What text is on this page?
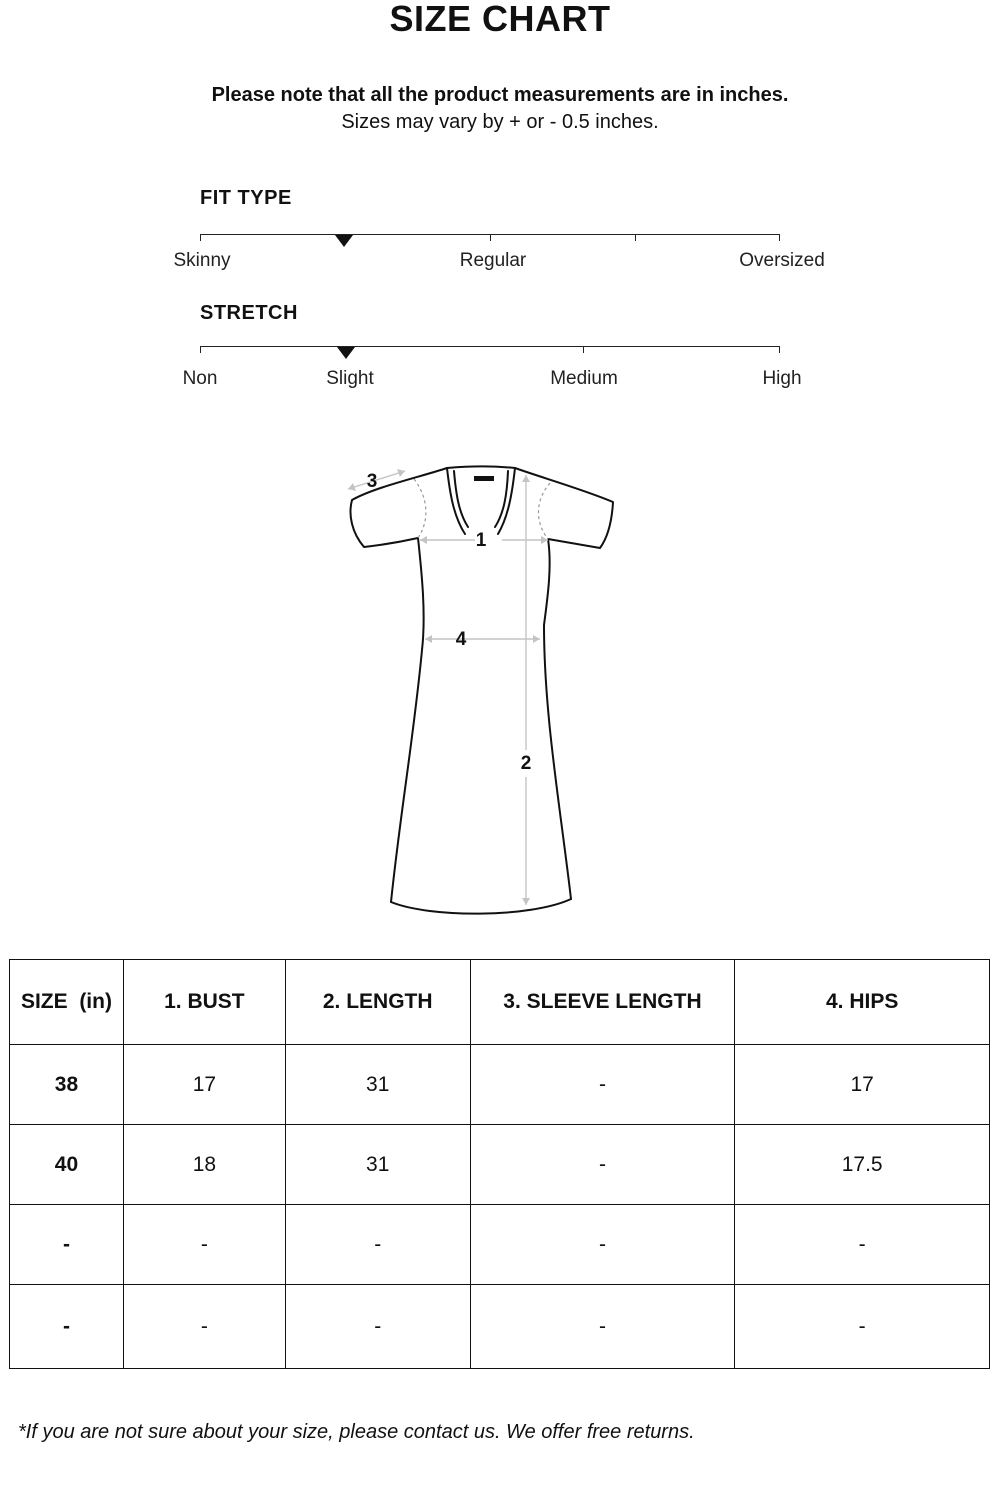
SIZE CHART
Please note that all the product measurements are in inches.
Sizes may vary by + or - 0.5 inches.
FIT TYPE
Skinny	Regular	Oversized
STRETCH
Non	Slight	Medium	High
1
2
3
4
SIZE  (in)	1. BUST	2. LENGTH	3. SLEEVE LENGTH	4. HIPS
38	17	31	-	17
40	18	31	-	17.5
-	-	-	-	-
-	-	-	-	-
*If you are not sure about your size, please contact us. We offer free returns.
